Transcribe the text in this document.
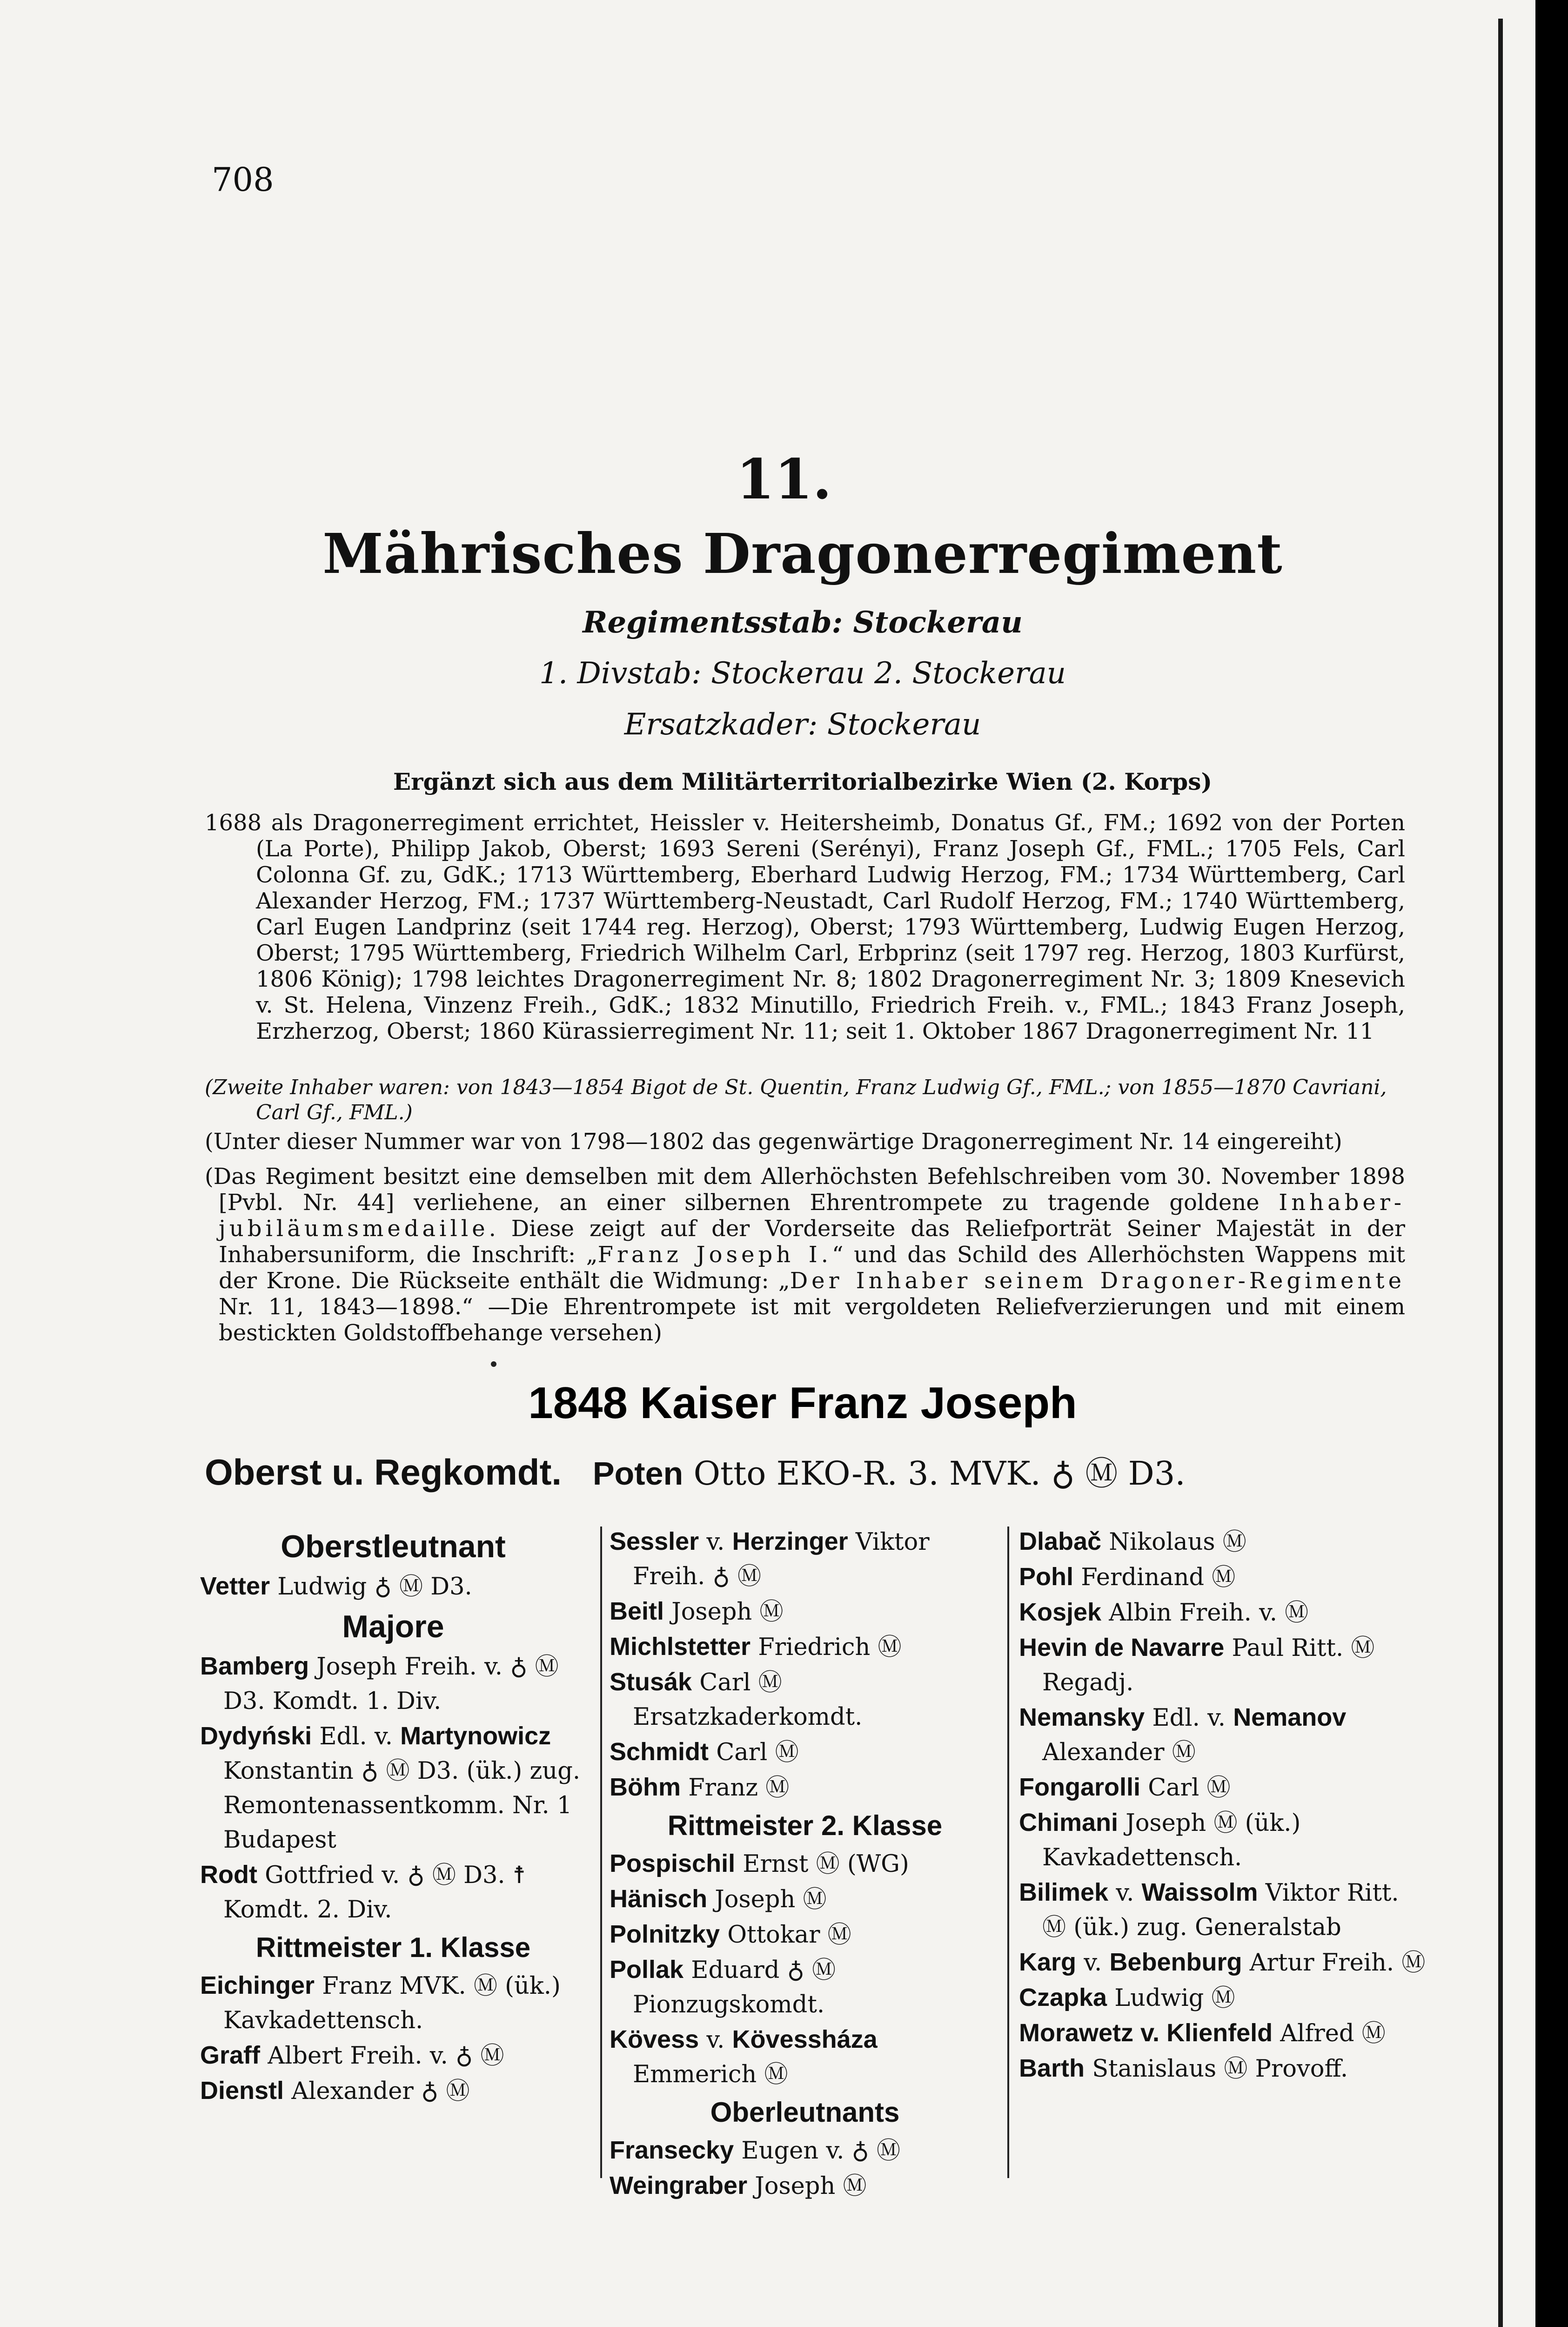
708
11.
Mährisches Dragonerregiment
Regimentsstab: Stockerau
1. Divstab: Stockerau 2. Stockerau
Ersatzkader: Stockerau
Ergänzt sich aus dem Militärterritorialbezirke Wien (2. Korps)

1688 als Dragonerregiment errichtet, Heissler v. Heitersheimb, Donatus Gf., FM.; 1692 von der Porten (La Porte), Philipp Jakob, Oberst; 1693 Sereni (Serényi), Franz Joseph Gf., FML.; 1705 Fels, Carl Colonna Gf. zu, GdK.; 1713 Württemberg, Eberhard Ludwig Herzog, FM.; 1734 Württemberg, Carl Alexander Herzog, FM.; 1737 Württemberg-Neustadt, Carl Rudolf Herzog, FM.; 1740 Württemberg, Carl Eugen Landprinz (seit 1744 reg. Herzog), Oberst; 1793 Württemberg, Ludwig Eugen Herzog, Oberst; 1795 Württemberg, Friedrich Wilhelm Carl, Erbprinz (seit 1797 reg. Herzog, 1803 Kurfürst, 1806 König); 1798 leichtes Dragonerregiment Nr. 8; 1802 Dragonerregiment Nr. 3; 1809 Knesevich v. St. Helena, Vinzenz Freih., GdK.; 1832 Minutillo, Friedrich Freih. v., FML.; 1843 Franz Joseph, Erzherzog, Oberst; 1860 Kürassierregiment Nr. 11; seit 1. Oktober 1867 Dragonerregiment Nr. 11

(Zweite Inhaber waren: von 1843—1854 Bigot de St. Quentin, Franz Ludwig Gf., FML.; von 1855—1870 Cavriani, Carl Gf., FML.)
(Unter dieser Nummer war von 1798—1802 das gegenwärtige Dragonerregiment Nr. 14 eingereiht)
(Das Regiment besitzt eine demselben mit dem Allerhöchsten Befehlschreiben vom 30. November 1898 [Pvbl. Nr. 44] verliehene, an einer silbernen Ehrentrompete zu tragende goldene Inhaber-jubiläumsmedaille. Diese zeigt auf der Vorderseite das Reliefporträt Seiner Majestät in der Inhabersuniform, die Inschrift: „Franz Joseph I.“ und das Schild des Allerhöchsten Wappens mit der Krone. Die Rückseite enthält die Widmung: „Der Inhaber seinem Dragoner-Regimente Nr. 11, 1843—1898.“ —Die Ehrentrompete ist mit vergoldeten Reliefverzierungen und mit einem bestickten Goldstoffbehange versehen)
1848 Kaiser Franz Joseph
Oberst u. Regkomdt. Poten Otto EKO-R. 3. MVK. ♁ Ⓜ D3.
Oberstleutnant

Vetter Ludwig ♁ Ⓜ D3.

Majore

Bamberg Joseph Freih. v. ♁ Ⓜ D3. Komdt. 1. Div.

Dydyński Edl. v. Martynowicz Konstantin ♁ Ⓜ D3. (ük.) zug. Remontenassentkomm. Nr. 1 Budapest

Rodt Gottfried v. ♁ Ⓜ D3. ☨ Komdt. 2. Div.

Rittmeister 1. Klasse

Eichinger Franz MVK. Ⓜ (ük.) Kavkadettensch.

Graff Albert Freih. v. ♁ Ⓜ

Dienstl Alexander ♁ Ⓜ

Sessler v. Herzinger Viktor Freih. ♁ Ⓜ

Beitl Joseph Ⓜ

Michlstetter Friedrich Ⓜ

Stusák Carl Ⓜ Ersatzkaderkomdt.

Schmidt Carl Ⓜ

Böhm Franz Ⓜ

Rittmeister 2. Klasse

Pospischil Ernst Ⓜ (WG)

Hänisch Joseph Ⓜ

Polnitzky Ottokar Ⓜ

Pollak Eduard ♁ Ⓜ Pionzugskomdt.

Kövess v. Kövessháza Emmerich Ⓜ

Oberleutnants

Fransecky Eugen v. ♁ Ⓜ

Weingraber Joseph Ⓜ

Dlabač Nikolaus Ⓜ

Pohl Ferdinand Ⓜ

Kosjek Albin Freih. v. Ⓜ

Hevin de Navarre Paul Ritt. Ⓜ Regadj.

Nemansky Edl. v. Nemanov Alexander Ⓜ

Fongarolli Carl Ⓜ

Chimani Joseph Ⓜ (ük.) Kavkadettensch.

Bilimek v. Waissolm Viktor Ritt. Ⓜ (ük.) zug. Generalstab

Karg v. Bebenburg Artur Freih. Ⓜ

Czapka Ludwig Ⓜ

Morawetz v. Klienfeld Alfred Ⓜ

Barth Stanislaus Ⓜ Provoff.
